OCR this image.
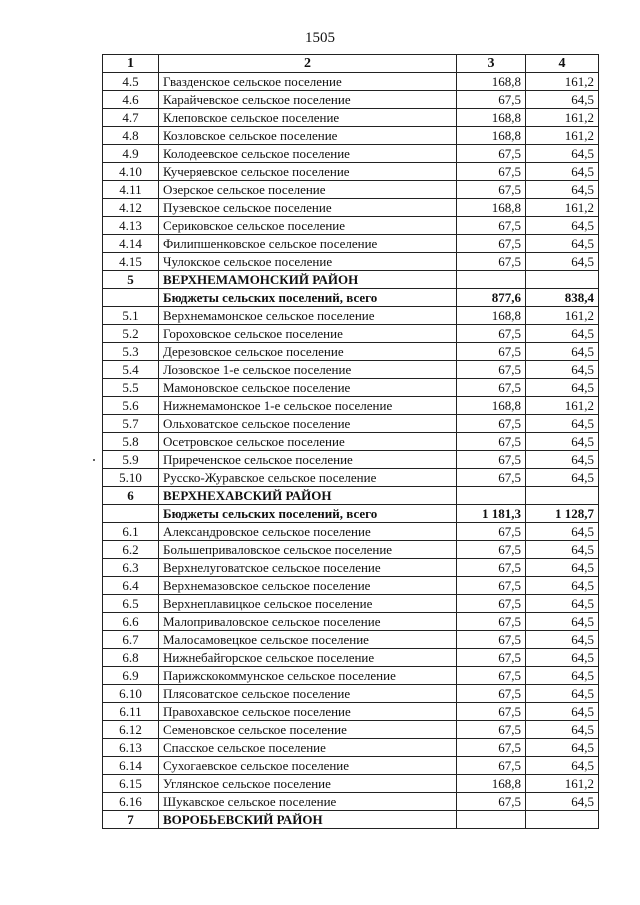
1505
1	2	3	4
4.5	Гвазденское сельское поселение	168,8	161,2
4.6	Карайчевское сельское поселение	67,5	64,5
4.7	Клеповское сельское поселение	168,8	161,2
4.8	Козловское сельское поселение	168,8	161,2
4.9	Колодеевское сельское поселение	67,5	64,5
4.10	Кучеряевское сельское поселение	67,5	64,5
4.11	Озерское сельское поселение	67,5	64,5
4.12	Пузевское сельское поселение	168,8	161,2
4.13	Сериковское сельское поселение	67,5	64,5
4.14	Филипшенковское сельское поселение	67,5	64,5
4.15	Чулокское сельское поселение	67,5	64,5
5	ВЕРХНЕМАМОНСКИЙ РАЙОН		
	Бюджеты сельских поселений, всего	877,6	838,4
5.1	Верхнемамонское сельское поселение	168,8	161,2
5.2	Гороховское сельское поселение	67,5	64,5
5.3	Дерезовское сельское поселение	67,5	64,5
5.4	Лозовское 1-е сельское поселение	67,5	64,5
5.5	Мамоновское сельское поселение	67,5	64,5
5.6	Нижнемамонское 1-е сельское поселение	168,8	161,2
5.7	Ольховатское сельское поселение	67,5	64,5
5.8	Осетровское сельское поселение	67,5	64,5
5.9	Приреченское сельское поселение	67,5	64,5
5.10	Русско-Журавское сельское поселение	67,5	64,5
6	ВЕРХНЕХАВСКИЙ РАЙОН		
	Бюджеты сельских поселений, всего	1 181,3	1 128,7
6.1	Александровское сельское поселение	67,5	64,5
6.2	Большеприваловское сельское поселение	67,5	64,5
6.3	Верхнелуговатское сельское поселение	67,5	64,5
6.4	Верхнемазовское сельское поселение	67,5	64,5
6.5	Верхнеплавицкое сельское поселение	67,5	64,5
6.6	Малоприваловское сельское поселение	67,5	64,5
6.7	Малосамовецкое сельское поселение	67,5	64,5
6.8	Нижнебайгорское сельское поселение	67,5	64,5
6.9	Парижскокоммунское сельское поселение	67,5	64,5
6.10	Плясоватское сельское поселение	67,5	64,5
6.11	Правохавское сельское поселение	67,5	64,5
6.12	Семеновское сельское поселение	67,5	64,5
6.13	Спасское сельское поселение	67,5	64,5
6.14	Сухогаевское сельское поселение	67,5	64,5
6.15	Углянское сельское поселение	168,8	161,2
6.16	Шукавское сельское поселение	67,5	64,5
7	ВОРОБЬЕВСКИЙ РАЙОН		
